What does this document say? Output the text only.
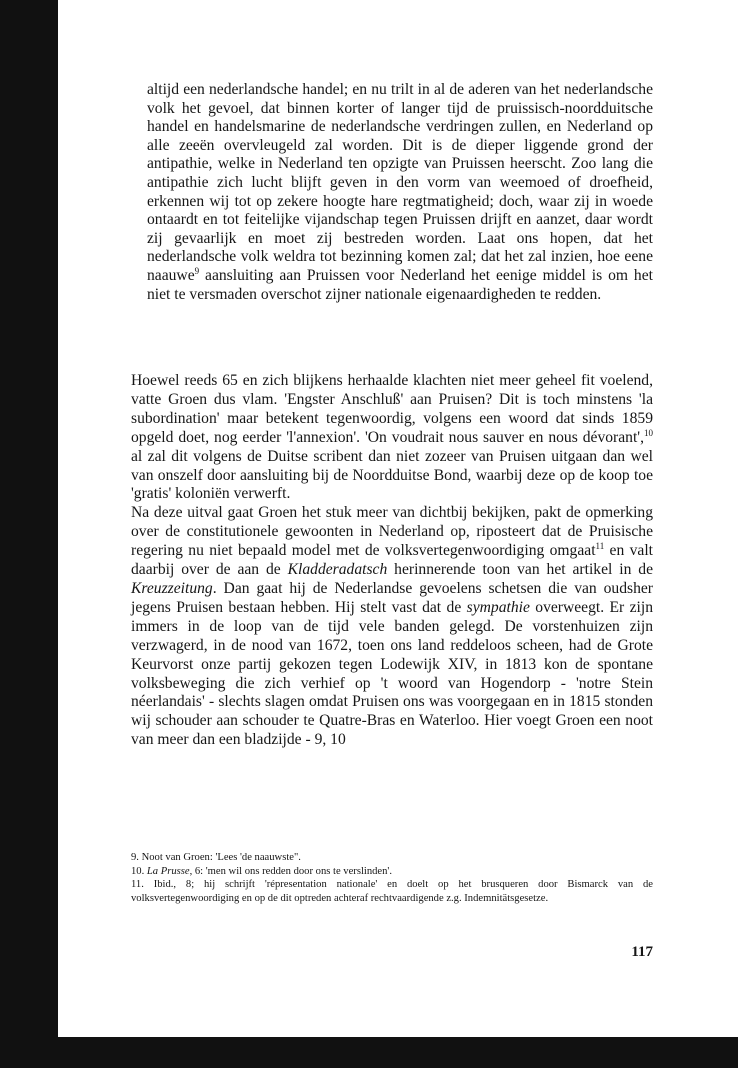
altijd een nederlandsche handel; en nu trilt in al de aderen van het nederlandsche volk het gevoel, dat binnen korter of langer tijd de pruissisch-noordduitsche handel en handelsmarine de nederlandsche verdringen zullen, en Nederland op alle zeeën overvleugeld zal worden. Dit is de dieper liggende grond der antipathie, welke in Nederland ten opzigte van Pruissen heerscht. Zoo lang die antipathie zich lucht blijft geven in den vorm van weemoed of droefheid, erkennen wij tot op zekere hoogte hare regtmatigheid; doch, waar zij in woede ontaardt en tot feitelijke vijandschap tegen Pruissen drijft en aanzet, daar wordt zij gevaarlijk en moet zij bestreden worden. Laat ons hopen, dat het nederlandsche volk weldra tot bezinning komen zal; dat het zal inzien, hoe eene naauwe$^9$ aansluiting aan Pruissen voor Nederland het eenige middel is om het niet te versmaden overschot zijner nationale eigenaardigheden te redden.

Hoewel reeds 65 en zich blijkens herhaalde klachten niet meer geheel fit voelend, vatte Groen dus vlam. 'Engster Anschluß' aan Pruisen? Dit is toch minstens 'la subordination' maar betekent tegenwoordig, volgens een woord dat sinds 1859 opgeld doet, nog eerder 'l'annexion'. 'On voudrait nous sauver en nous dévorant',$^{10}$ al zal dit volgens de Duitse scribent dan niet zozeer van Pruisen uitgaan dan wel van onszelf door aansluiting bij de Noordduitse Bond, waarbij deze op de koop toe 'gratis' koloniën verwerft.

Na deze uitval gaat Groen het stuk meer van dichtbij bekijken, pakt de opmerking over de constitutionele gewoonten in Nederland op, riposteert dat de Pruisische regering nu niet bepaald model met de volksvertegenwoordiging omgaat$^{11}$ en valt daarbij over de aan de Kladderadatsch herinnerende toon van het artikel in de Kreuzzeitung. Dan gaat hij de Nederlandse gevoelens schetsen die van oudsher jegens Pruisen bestaan hebben. Hij stelt vast dat de sympathie overweegt. Er zijn immers in de loop van de tijd vele banden gelegd. De vorstenhuizen zijn verzwagerd, in de nood van 1672, toen ons land reddeloos scheen, had de Grote Keurvorst onze partij gekozen tegen Lodewijk XIV, in 1813 kon de spontane volksbeweging die zich verhief op 't woord van Hogendorp - 'notre Stein néerlandais' - slechts slagen omdat Pruisen ons was voorgegaan en in 1815 stonden wij schouder aan schouder te Quatre-Bras en Waterloo. Hier voegt Groen een noot van meer dan een bladzijde - 9, 10

9. Noot van Groen: 'Lees 'de naauwste".

10. La Prusse, 6: 'men wil ons redden door ons te verslinden'.

11. Ibid., 8; hij schrijft 'répresentation nationale' en doelt op het brusqueren door Bismarck van de volksvertegenwoordiging en op de dit optreden achteraf rechtvaardigende z.g. Indemnitätsgesetze.

117
